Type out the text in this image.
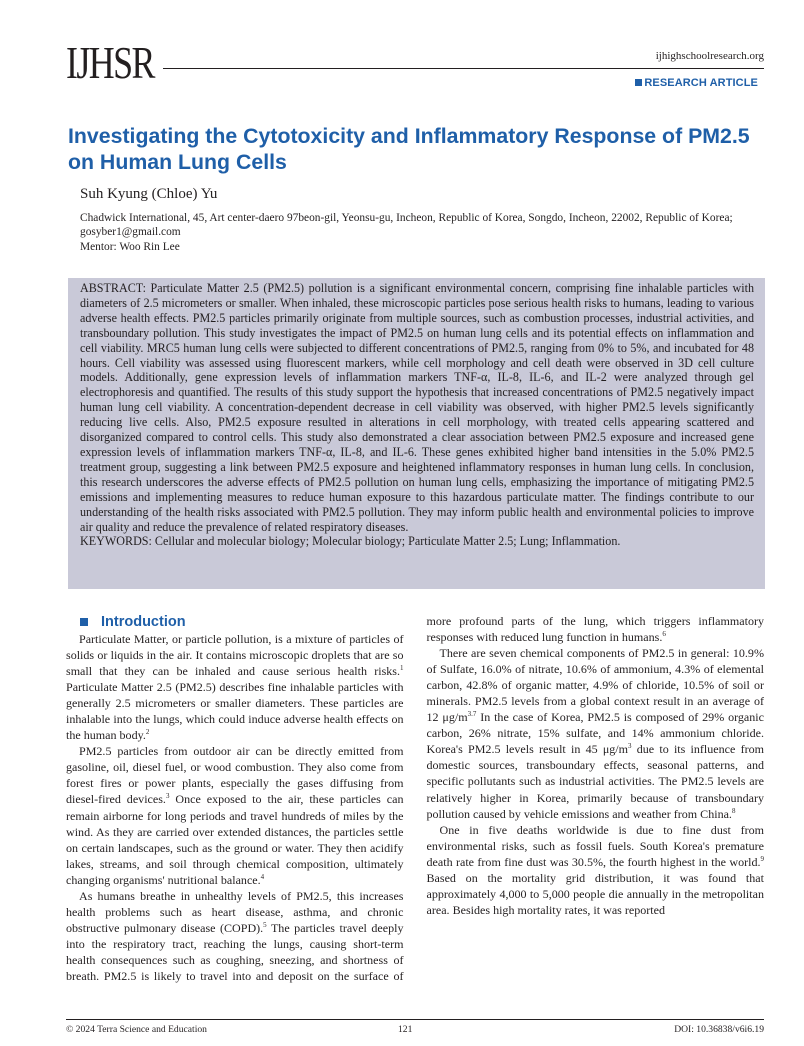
IJHSR	ijhighschoolresearch.org
RESEARCH ARTICLE
Investigating the Cytotoxicity and Inflammatory Response of PM2.5 on Human Lung Cells
Suh Kyung (Chloe) Yu
Chadwick International, 45, Art center-daero 97beon-gil, Yeonsu-gu, Incheon, Republic of Korea, Songdo, Incheon, 22002, Republic of Korea;
gosyber1@gmail.com
Mentor: Woo Rin Lee
ABSTRACT: Particulate Matter 2.5 (PM2.5) pollution is a significant environmental concern, comprising fine inhalable particles with diameters of 2.5 micrometers or smaller. When inhaled, these microscopic particles pose serious health risks to humans, leading to various adverse health effects. PM2.5 particles primarily originate from multiple sources, such as combustion processes, industrial activities, and transboundary pollution. This study investigates the impact of PM2.5 on human lung cells and its potential effects on inflammation and cell viability. MRC5 human lung cells were subjected to different concentrations of PM2.5, ranging from 0% to 5%, and incubated for 48 hours. Cell viability was assessed using fluorescent markers, while cell morphology and cell death were observed in 3D cell culture models. Additionally, gene expression levels of inflammation markers TNF-α, IL-8, IL-6, and IL-2 were analyzed through gel electrophoresis and quantified. The results of this study support the hypothesis that increased concentrations of PM2.5 negatively impact human lung cell viability. A concentration-dependent decrease in cell viability was observed, with higher PM2.5 levels significantly reducing live cells. Also, PM2.5 exposure resulted in alterations in cell morphology, with treated cells appearing scattered and disorganized compared to control cells. This study also demonstrated a clear association between PM2.5 exposure and increased gene expression levels of inflammation markers TNF-α, IL-8, and IL-6. These genes exhibited higher band intensities in the 5.0% PM2.5 treatment group, suggesting a link between PM2.5 exposure and heightened inflammatory responses in human lung cells. In conclusion, this research underscores the adverse effects of PM2.5 pollution on human lung cells, emphasizing the importance of mitigating PM2.5 emissions and implementing measures to reduce human exposure to this hazardous particulate matter. The findings contribute to our understanding of the health risks associated with PM2.5 pollution. They may inform public health and environmental policies to improve air quality and reduce the prevalence of related respiratory diseases.
KEYWORDS: Cellular and molecular biology; Molecular biology; Particulate Matter 2.5; Lung; Inflammation.
Introduction

Particulate Matter, or particle pollution, is a mixture of particles of solids or liquids in the air. It contains microscopic droplets that are so small that they can be inhaled and cause serious health risks.$^1$ Particulate Matter 2.5 (PM2.5) describes fine inhalable particles with generally 2.5 micrometers or smaller diameters. These particles are inhalable into the lungs, which could induce adverse health effects on the human body.$^2$

PM2.5 particles from outdoor air can be directly emitted from gasoline, oil, diesel fuel, or wood combustion. They also come from forest fires or power plants, especially the gases diffusing from diesel-fired devices.$^3$ Once exposed to the air, these particles can remain airborne for long periods and travel hundreds of miles by the wind. As they are carried over extended distances, the particles settle on certain landscapes, such as the ground or water. They then acidify lakes, streams, and soil through chemical composition, ultimately changing organisms' nutritional balance.$^4$

As humans breathe in unhealthy levels of PM2.5, this increases health problems such as heart disease, asthma, and chronic obstructive pulmonary disease (COPD).$^5$ The particles travel deeply into the respiratory tract, reaching the lungs, causing short-term health consequences such as coughing, sneezing, and shortness of breath. PM2.5 is likely to travel into and deposit on the surface of more profound parts of the lung, which triggers inflammatory responses with reduced lung function in humans.$^6$

There are seven chemical components of PM2.5 in general: 10.9% of Sulfate, 16.0% of nitrate, 10.6% of ammonium, 4.3% of elemental carbon, 42.8% of organic matter, 4.9% of chloride, 10.5% of soil or minerals. PM2.5 levels from a global context result in an average of 12 $\mu g/m^{3.7}$ In the case of Korea, PM2.5 is composed of 29% organic carbon, 26% nitrate, 15% sulfate, and 14% ammonium chloride. Korea's PM2.5 levels result in 45 $\mu g/m^3$ due to its influence from domestic sources, transboundary effects, seasonal patterns, and specific pollutants such as industrial activities. The PM2.5 levels are relatively higher in Korea, primarily because of transboundary pollution caused by vehicle emissions and weather from China.$^8$

One in five deaths worldwide is due to fine dust from environmental risks, such as fossil fuels. South Korea's premature death rate from fine dust was 30.5%, the fourth highest in the world.$^9$ Based on the mortality grid distribution, it was found that approximately 4,000 to 5,000 people die annually in the metropolitan area. Besides high mortality rates, it was reported

© 2024 Terra Science and Education	121	DOI: 10.36838/v6i6.19
